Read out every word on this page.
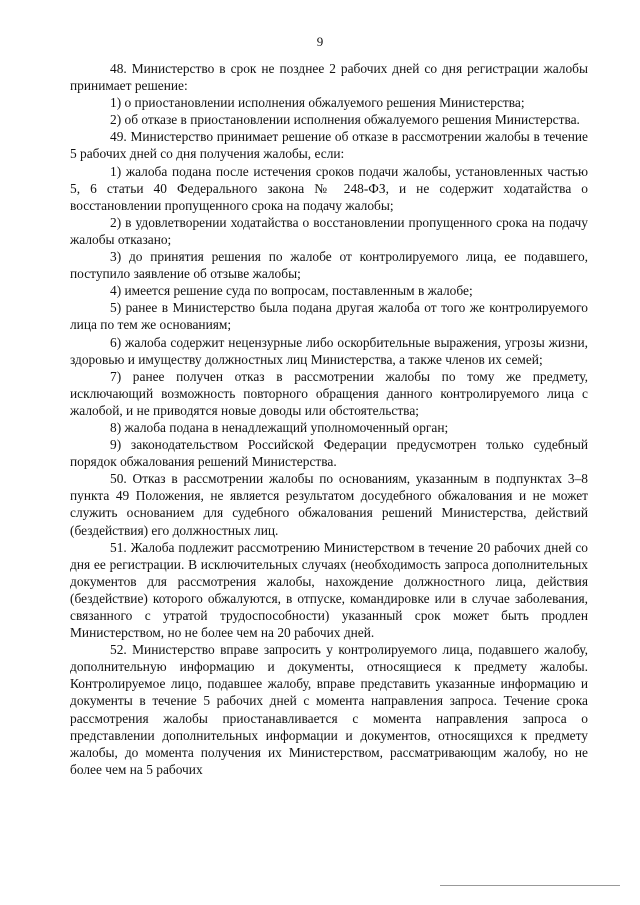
9

48. Министерство в срок не позднее 2 рабочих дней со дня регистрации жалобы принимает решение:

1) о приостановлении исполнения обжалуемого решения Министерства;

2) об отказе в приостановлении исполнения обжалуемого решения Министерства.

49. Министерство принимает решение об отказе в рассмотрении жалобы в течение 5 рабочих дней со дня получения жалобы, если:

1) жалоба подана после истечения сроков подачи жалобы, установленных частью 5, 6 статьи 40 Федерального закона № 248-ФЗ, и не содержит ходатайства о восстановлении пропущенного срока на подачу жалобы;

2) в удовлетворении ходатайства о восстановлении пропущенного срока на подачу жалобы отказано;

3) до принятия решения по жалобе от контролируемого лица, ее подавшего, поступило заявление об отзыве жалобы;

4) имеется решение суда по вопросам, поставленным в жалобе;

5) ранее в Министерство была подана другая жалоба от того же контролируемого лица по тем же основаниям;

6) жалоба содержит нецензурные либо оскорбительные выражения, угрозы жизни, здоровью и имуществу должностных лиц Министерства, а также членов их семей;

7) ранее получен отказ в рассмотрении жалобы по тому же предмету, исключающий возможность повторного обращения данного контролируемого лица с жалобой, и не приводятся новые доводы или обстоятельства;

8) жалоба подана в ненадлежащий уполномоченный орган;

9) законодательством Российской Федерации предусмотрен только судебный порядок обжалования решений Министерства.

50. Отказ в рассмотрении жалобы по основаниям, указанным в подпунктах 3–8 пункта 49 Положения, не является результатом досудебного обжалования и не может служить основанием для судебного обжалования решений Министерства, действий (бездействия) его должностных лиц.

51. Жалоба подлежит рассмотрению Министерством в течение 20 рабочих дней со дня ее регистрации. В исключительных случаях (необходимость запроса дополнительных документов для рассмотрения жалобы, нахождение должностного лица, действия (бездействие) которого обжалуются, в отпуске, командировке или в случае заболевания, связанного с утратой трудоспособности) указанный срок может быть продлен Министерством, но не более чем на 20 рабочих дней.

52. Министерство вправе запросить у контролируемого лица, подавшего жалобу, дополнительную информацию и документы, относящиеся к предмету жалобы. Контролируемое лицо, подавшее жалобу, вправе представить указанные информацию и документы в течение 5 рабочих дней с момента направления запроса. Течение срока рассмотрения жалобы приостанавливается с момента направления запроса о представлении дополнительных информации и документов, относящихся к предмету жалобы, до момента получения их Министерством, рассматривающим жалобу, но не более чем на 5 рабочих
